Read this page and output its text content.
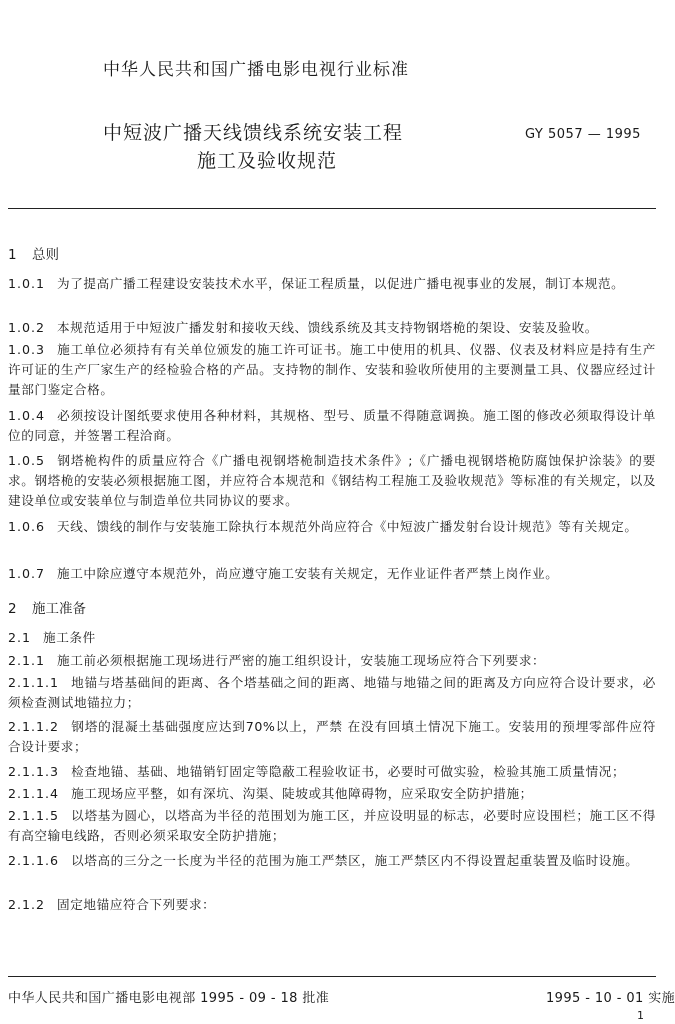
中华人民共和国广播电影电视行业标准
中短波广播天线馈线系统安装工程
施工及验收规范
GY 5057 — 1995
1 总则
1.0.1 为了提高广播工程建设安装技术水平，保证工程质量，以促进广播电视事业的发展，制订本规范。
1.0.2 本规范适用于中短波广播发射和接收天线、馈线系统及其支持物钢塔桅的架设、安装及验收。
1.0.3 施工单位必须持有有关单位颁发的施工许可证书。施工中使用的机具、仪器、仪表及材料应是持有生产许可证的生产厂家生产的经检验合格的产品。支持物的制作、安装和验收所使用的主要测量工具、仪器应经过计量部门鉴定合格。
1.0.4 必须按设计图纸要求使用各种材料，其规格、型号、质量不得随意调换。施工图的修改必须取得设计单位的同意，并签署工程洽商。
1.0.5 钢塔桅构件的质量应符合《广播电视钢塔桅制造技术条件》;《广播电视钢塔桅防腐蚀保护涂装》的要求。钢塔桅的安装必须根据施工图，并应符合本规范和《钢结构工程施工及验收规范》等标准的有关规定，以及建设单位或安装单位与制造单位共同协议的要求。
1.0.6 天线、馈线的制作与安装施工除执行本规范外尚应符合《中短波广播发射台设计规范》等有关规定。
1.0.7 施工中除应遵守本规范外，尚应遵守施工安装有关规定，无作业证件者严禁上岗作业。
2 施工准备
2.1 施工条件
2.1.1 施工前必须根据施工现场进行严密的施工组织设计，安装施工现场应符合下列要求：
2.1.1.1 地锚与塔基础间的距离、各个塔基础之间的距离、地锚与地锚之间的距离及方向应符合设计要求，必须检查测试地锚拉力；
2.1.1.2 钢塔的混凝土基础强度应达到70%以上，严禁 在没有回填土情况下施工。安装用的预埋零部件应符合设计要求；
2.1.1.3 检查地锚、基础、地锚销钉固定等隐蔽工程验收证书，必要时可做实验，检验其施工质量情况；
2.1.1.4 施工现场应平整，如有深坑、沟渠、陡坡或其他障碍物，应采取安全防护措施；
2.1.1.5 以塔基为圆心，以塔高为半径的范围划为施工区，并应设明显的标志，必要时应设围栏；施工区不得有高空输电线路，否则必须采取安全防护措施；
2.1.1.6 以塔高的三分之一长度为半径的范围为施工严禁区，施工严禁区内不得设置起重装置及临时设施。
2.1.2 固定地锚应符合下列要求：
中华人民共和国广播电影电视部 1995 - 09 - 18 批准	1995 - 10 - 01 实施
1
